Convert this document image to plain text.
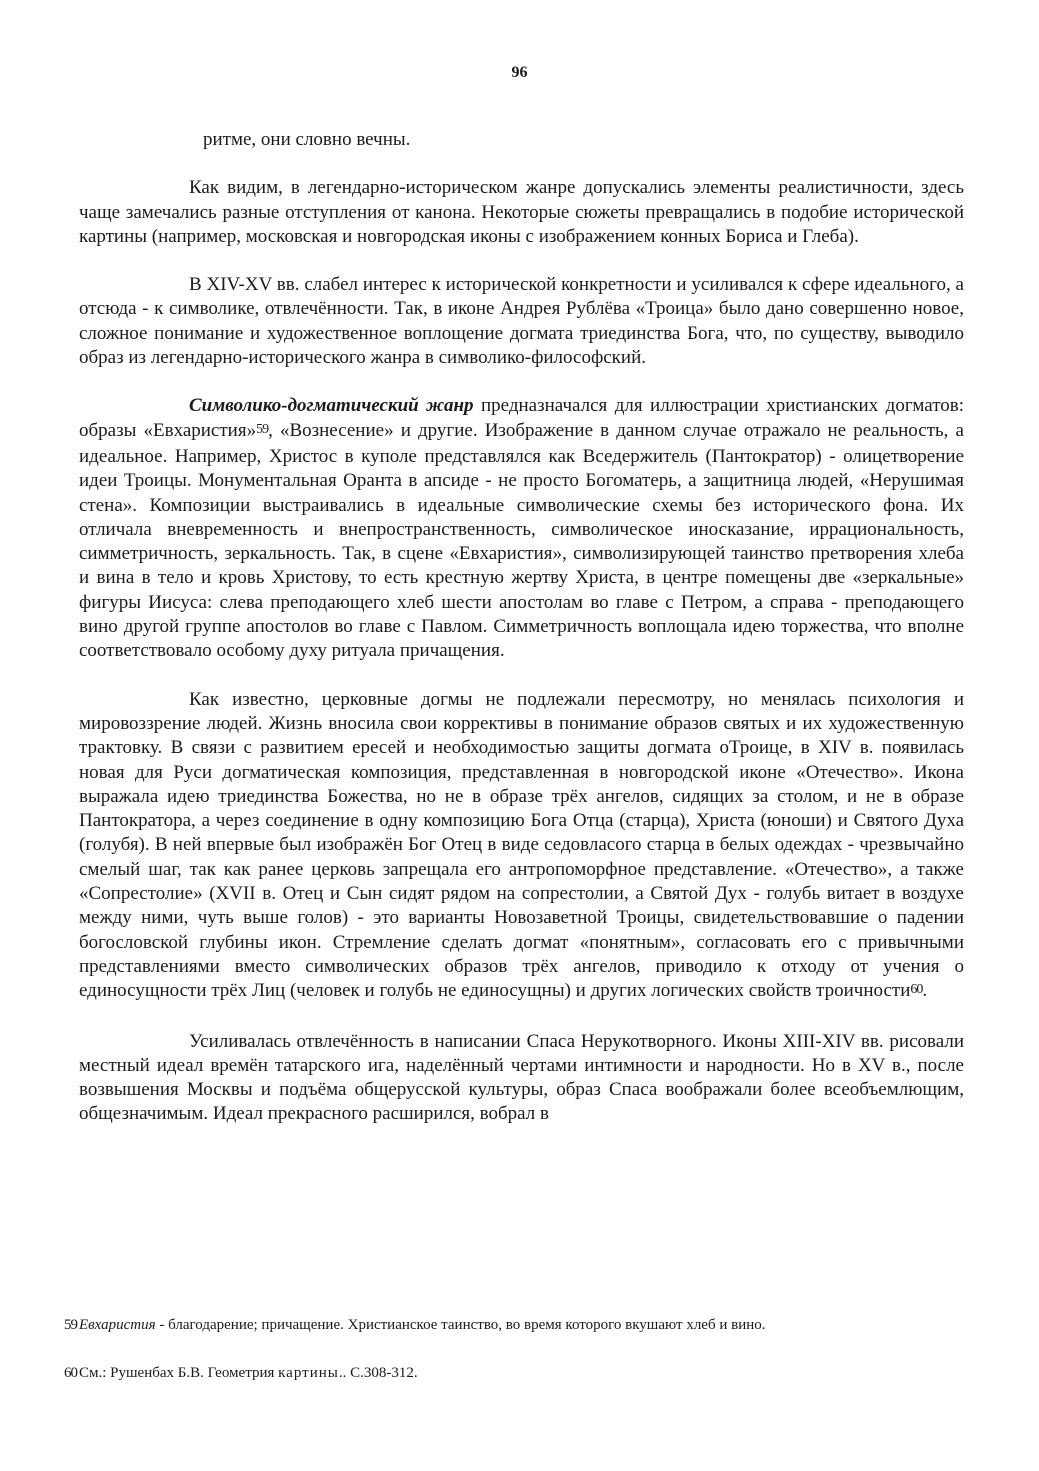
96

ритме, они словно вечны.

Как видим, в легендарно-историческом жанре допускались элементы реалистичности, здесь чаще замечались разные отступления от канона. Некоторые сюжеты превращались в подобие исторической картины (например, московская и новгородская иконы с изображением конных Бориса и Глеба).

В XIV-XV вв. слабел интерес к исторической конкретности и усиливался к сфере идеального, а отсюда - к символике, отвлечённости. Так, в иконе Андрея Рублёва «Троица» было дано совершенно новое, сложное понимание и художественное воплощение догмата триединства Бога, что, по существу, выводило образ из легендарно-исторического жанра в символико-философский.

Символико-догматический жанр предназначался для иллюстрации христианских догматов: образы «Евхаристия»$^{59}$, «Вознесение» и другие. Изображение в данном случае отражало не реальность, а идеальное. Например, Христос в куполе представлялся как Вседержитель (Пантократор) - олицетворение идеи Троицы. Монументальная Оранта в апсиде - не просто Богоматерь, а защитница людей, «Нерушимая стена». Композиции выстраивались в идеальные символические схемы без исторического фона. Их отличала вневременность и внепространственность, символическое иносказание, иррациональность, симметричность, зеркальность. Так, в сцене «Евхаристия», символизирующей таинство претворения хлеба и вина в тело и кровь Христову, то есть крестную жертву Христа, в центре помещены две «зеркальные» фигуры Иисуса: слева преподающего хлеб шести апостолам во главе с Петром, а справа - преподающего вино другой группе апостолов во главе с Павлом. Симметричность воплощала идею торжества, что вполне соответствовало особому духу ритуала причащения.

Как известно, церковные догмы не подлежали пересмотру, но менялась психология и мировоззрение людей. Жизнь вносила свои коррективы в понимание образов святых и их художественную трактовку. В связи с развитием ересей и необходимостью защиты догмата оТроице, в XIV в. появилась новая для Руси догматическая композиция, представленная в новгородской иконе «Отечество». Икона выражала идею триединства Божества, но не в образе трёх ангелов, сидящих за столом, и не в образе Пантократора, а через соединение в одну композицию Бога Отца (старца), Христа (юноши) и Святого Духа (голубя). В ней впервые был изображён Бог Отец в виде седовласого старца в белых одеждах - чрезвычайно смелый шаг, так как ранее церковь запрещала его антропоморфное представление. «Отечество», а также «Сопрестолие» (XVII в. Отец и Сын сидят рядом на сопрестолии, а Святой Дух - голубь витает в воздухе между ними, чуть выше голов) - это варианты Новозаветной Троицы, свидетельствовавшие о падении богословской глубины икон. Стремление сделать догмат «понятным», согласовать его с привычными представлениями вместо символических образов трёх ангелов, приводило к отходу от учения о единосущности трёх Лиц (человек и голубь не единосущны) и других логических свойств троичности$^{60}$.

Усиливалась отвлечённость в написании Спаса Нерукотворного. Иконы XIII-XIV вв. рисовали местный идеал времён татарского ига, наделённый чертами интимности и народности. Но в XV в., после возвышения Москвы и подъёма общерусской культуры, образ Спаса воображали более всеобъемлющим, общезначимым. Идеал прекрасного расширился, вобрал в

59 Евхаристия - благодарение; причащение. Христианское таинство, во время которого вкушают хлеб и вино.

60 См.: Рушенбах Б.В. Геометрия картины.. С.308-312.
